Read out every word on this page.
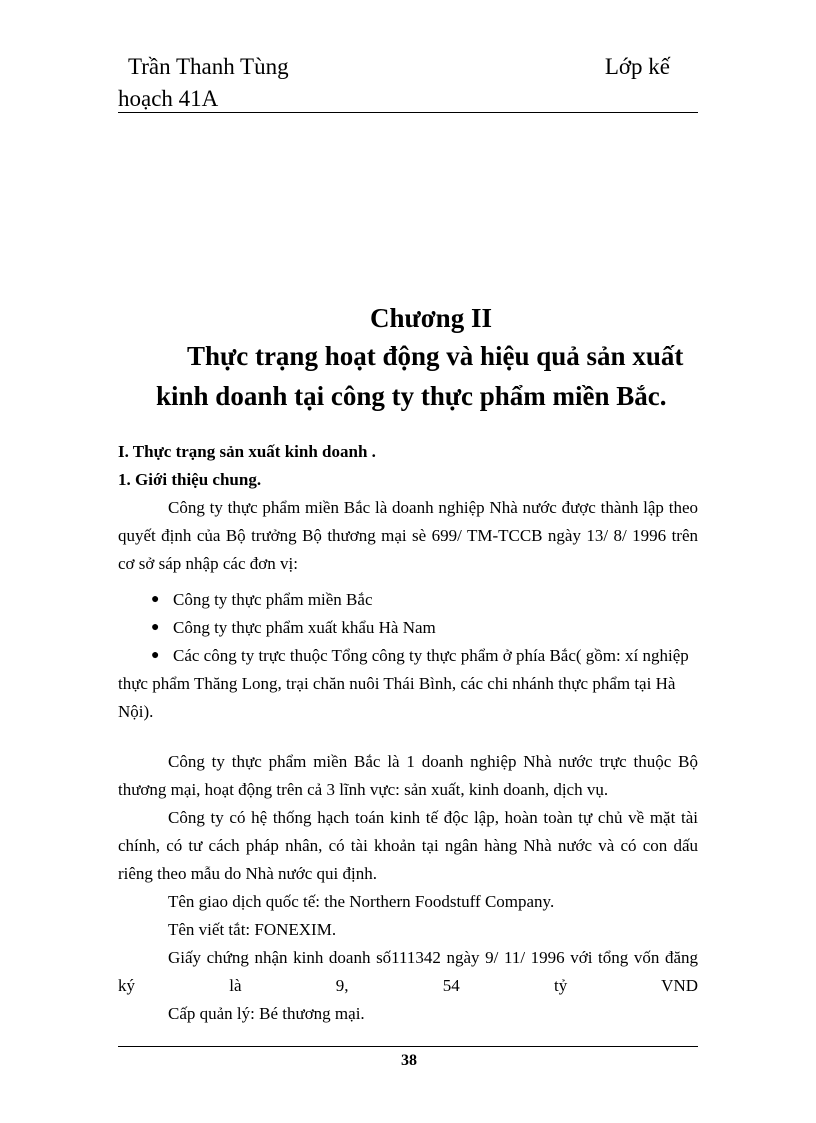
Trần Thanh Tùng	Lớp kế
hoạch 41A
Chương II
Thực trạng hoạt động và hiệu quả sản xuất
kinh doanh tại công ty thực phẩm miền Bắc.

I. Thực trạng sản xuất kinh doanh .

1. Giới thiệu chung.

Công ty thực phẩm miền Bắc là doanh nghiệp Nhà nước được thành lập theo quyết định của Bộ trưởng Bộ thương mại sè 699/ TM-TCCB ngày 13/ 8/ 1996 trên cơ sở sáp nhập các đơn vị:

● Công ty thực phẩm miền Bắc
● Công ty thực phẩm xuất khẩu Hà Nam
● Các công ty trực thuộc Tổng công ty thực phẩm ở phía Bắc( gồm: xí nghiệp thực phẩm Thăng Long, trại chăn nuôi Thái Bình, các chi nhánh thực phẩm tại Hà Nội).

Công ty thực phẩm miền Bắc là 1 doanh nghiệp Nhà nước trực thuộc Bộ thương mại, hoạt động trên cả 3 lĩnh vực: sản xuất, kinh doanh, dịch vụ.

Công ty có hệ thống hạch toán kinh tế độc lập, hoàn toàn tự chủ về mặt tài chính, có tư cách pháp nhân, có tài khoản tại ngân hàng Nhà nước và có con dấu riêng theo mẫu do Nhà nước qui định.

Tên giao dịch quốc tế: the Northern Foodstuff Company.

Tên viết tắt: FONEXIM.

Giấy chứng nhận kinh doanh số111342 ngày 9/ 11/ 1996 với tổng vốn đăng ký là 9, 54 tỷ VND

Cấp quản lý: Bé thương mại.

38
